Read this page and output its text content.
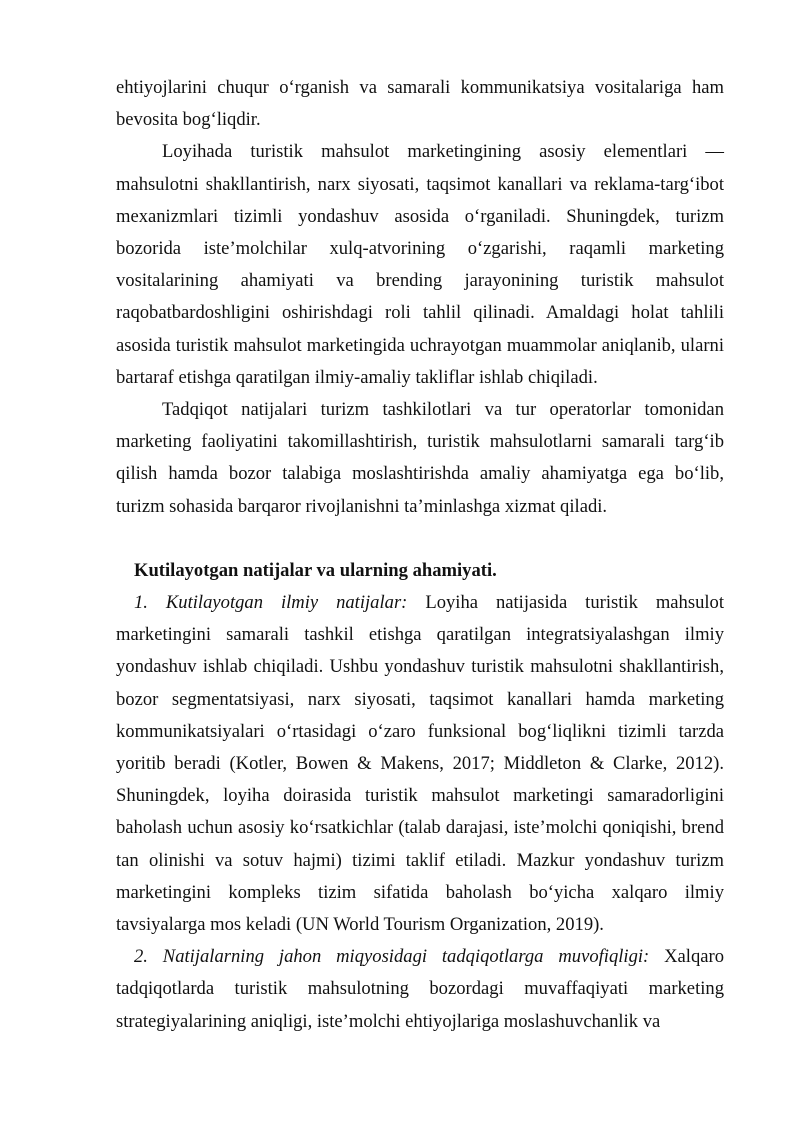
ehtiyojlarini chuqur o‘rganish va samarali kommunikatsiya vositalariga ham bevosita bog‘liqdir.

Loyihada turistik mahsulot marketingining asosiy elementlari — mahsulotni shakllantirish, narx siyosati, taqsimot kanallari va reklama-targ‘ibot mexanizmlari tizimli yondashuv asosida o‘rganiladi. Shuningdek, turizm bozorida iste’molchilar xulq-atvorining o‘zgarishi, raqamli marketing vositalarining ahamiyati va brending jarayonining turistik mahsulot raqobatbardoshligini oshirishdagi roli tahlil qilinadi. Amaldagi holat tahlili asosida turistik mahsulot marketingida uchrayotgan muammolar aniqlanib, ularni bartaraf etishga qaratilgan ilmiy-amaliy takliflar ishlab chiqiladi.

Tadqiqot natijalari turizm tashkilotlari va tur operatorlar tomonidan marketing faoliyatini takomillashtirish, turistik mahsulotlarni samarali targ‘ib qilish hamda bozor talabiga moslashtirishda amaliy ahamiyatga ega bo‘lib, turizm sohasida barqaror rivojlanishni ta’minlashga xizmat qiladi.

Kutilayotgan natijalar va ularning ahamiyati.

1. Kutilayotgan ilmiy natijalar: Loyiha natijasida turistik mahsulot marketingini samarali tashkil etishga qaratilgan integratsiyalashgan ilmiy yondashuv ishlab chiqiladi. Ushbu yondashuv turistik mahsulotni shakllantirish, bozor segmentatsiyasi, narx siyosati, taqsimot kanallari hamda marketing kommunikatsiyalari o‘rtasidagi o‘zaro funksional bog‘liqlikni tizimli tarzda yoritib beradi (Kotler, Bowen & Makens, 2017; Middleton & Clarke, 2012). Shuningdek, loyiha doirasida turistik mahsulot marketingi samaradorligini baholash uchun asosiy ko‘rsatkichlar (talab darajasi, iste’molchi qoniqishi, brend tan olinishi va sotuv hajmi) tizimi taklif etiladi. Mazkur yondashuv turizm marketingini kompleks tizim sifatida baholash bo‘yicha xalqaro ilmiy tavsiyalarga mos keladi (UN World Tourism Organization, 2019).

2. Natijalarning jahon miqyosidagi tadqiqotlarga muvofiqligi: Xalqaro tadqiqotlarda turistik mahsulotning bozordagi muvaffaqiyati marketing strategiyalarining aniqligi, iste’molchi ehtiyojlariga moslashuvchanlik va
